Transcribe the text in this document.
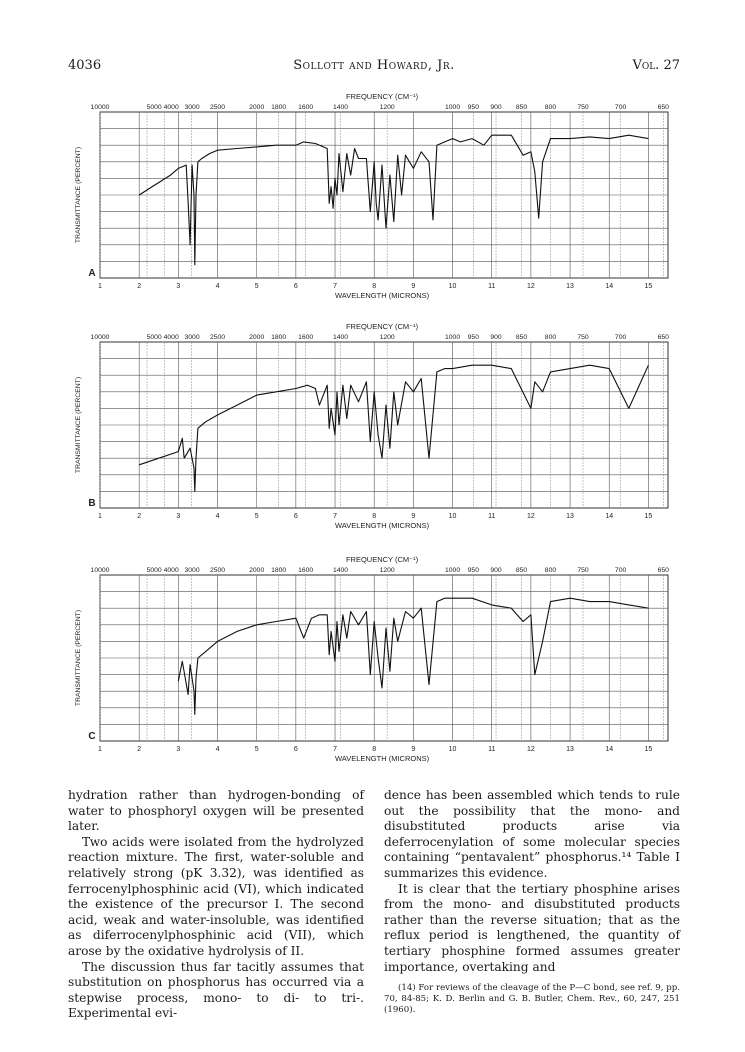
4036	Sollott and Howard, Jr.	Vol. 27
FREQUENCY (CM⁻¹)
10000	5000 4000 3000 2500	2000 1800 1600	1400	1200	1000 950 900 850	800	750	700	650
1	2	3	4	5	6	7	8	9	10	11	12	13	14	15
WAVELENGTH (MICRONS)
TRANSMITTANCE (PERCENT)
A
FREQUENCY (CM⁻¹)
10000	5000 4000 3000 2500	2000 1800 1600	1400	1200	1000 950 900 850	800	750	700	650
1	2	3	4	5	6	7	8	9	10	11	12	13	14	15
WAVELENGTH (MICRONS)
TRANSMITTANCE (PERCENT)
B
FREQUENCY (CM⁻¹)
10000	5000 4000 3000 2500	2000 1800 1600	1400	1200	1000 950 900 850	800	750	700	650
1	2	3	4	5	6	7	8	9	10	11	12	13	14	15
WAVELENGTH (MICRONS)
TRANSMITTANCE (PERCENT)
C

hydration rather than hydrogen-bonding of water to phosphoryl oxygen will be presented later.

Two acids were isolated from the hydrolyzed reaction mixture. The first, water-soluble and relatively strong (pK 3.32), was identified as ferrocenylphosphinic acid (VI), which indicated the existence of the precursor I. The second acid, weak and water-insoluble, was identified as diferrocenylphosphinic acid (VII), which arose by the oxidative hydrolysis of II.

The discussion thus far tacitly assumes that substitution on phosphorus has occurred via a stepwise process, mono- to di- to tri-. Experimental evi-

dence has been assembled which tends to rule out the possibility that the mono- and disubstituted products arise via deferrocenylation of some molecular species containing “pentavalent” phosphorus.¹⁴ Table I summarizes this evidence.

It is clear that the tertiary phosphine arises from the mono- and disubstituted products rather than the reverse situation; that as the reflux period is lengthened, the quantity of tertiary phosphine formed assumes greater importance, overtaking and

(14) For reviews of the cleavage of the P—C bond, see ref. 9, pp. 70, 84-85; K. D. Berlin and G. B. Butler, Chem. Rev., 60, 247, 251 (1960).
